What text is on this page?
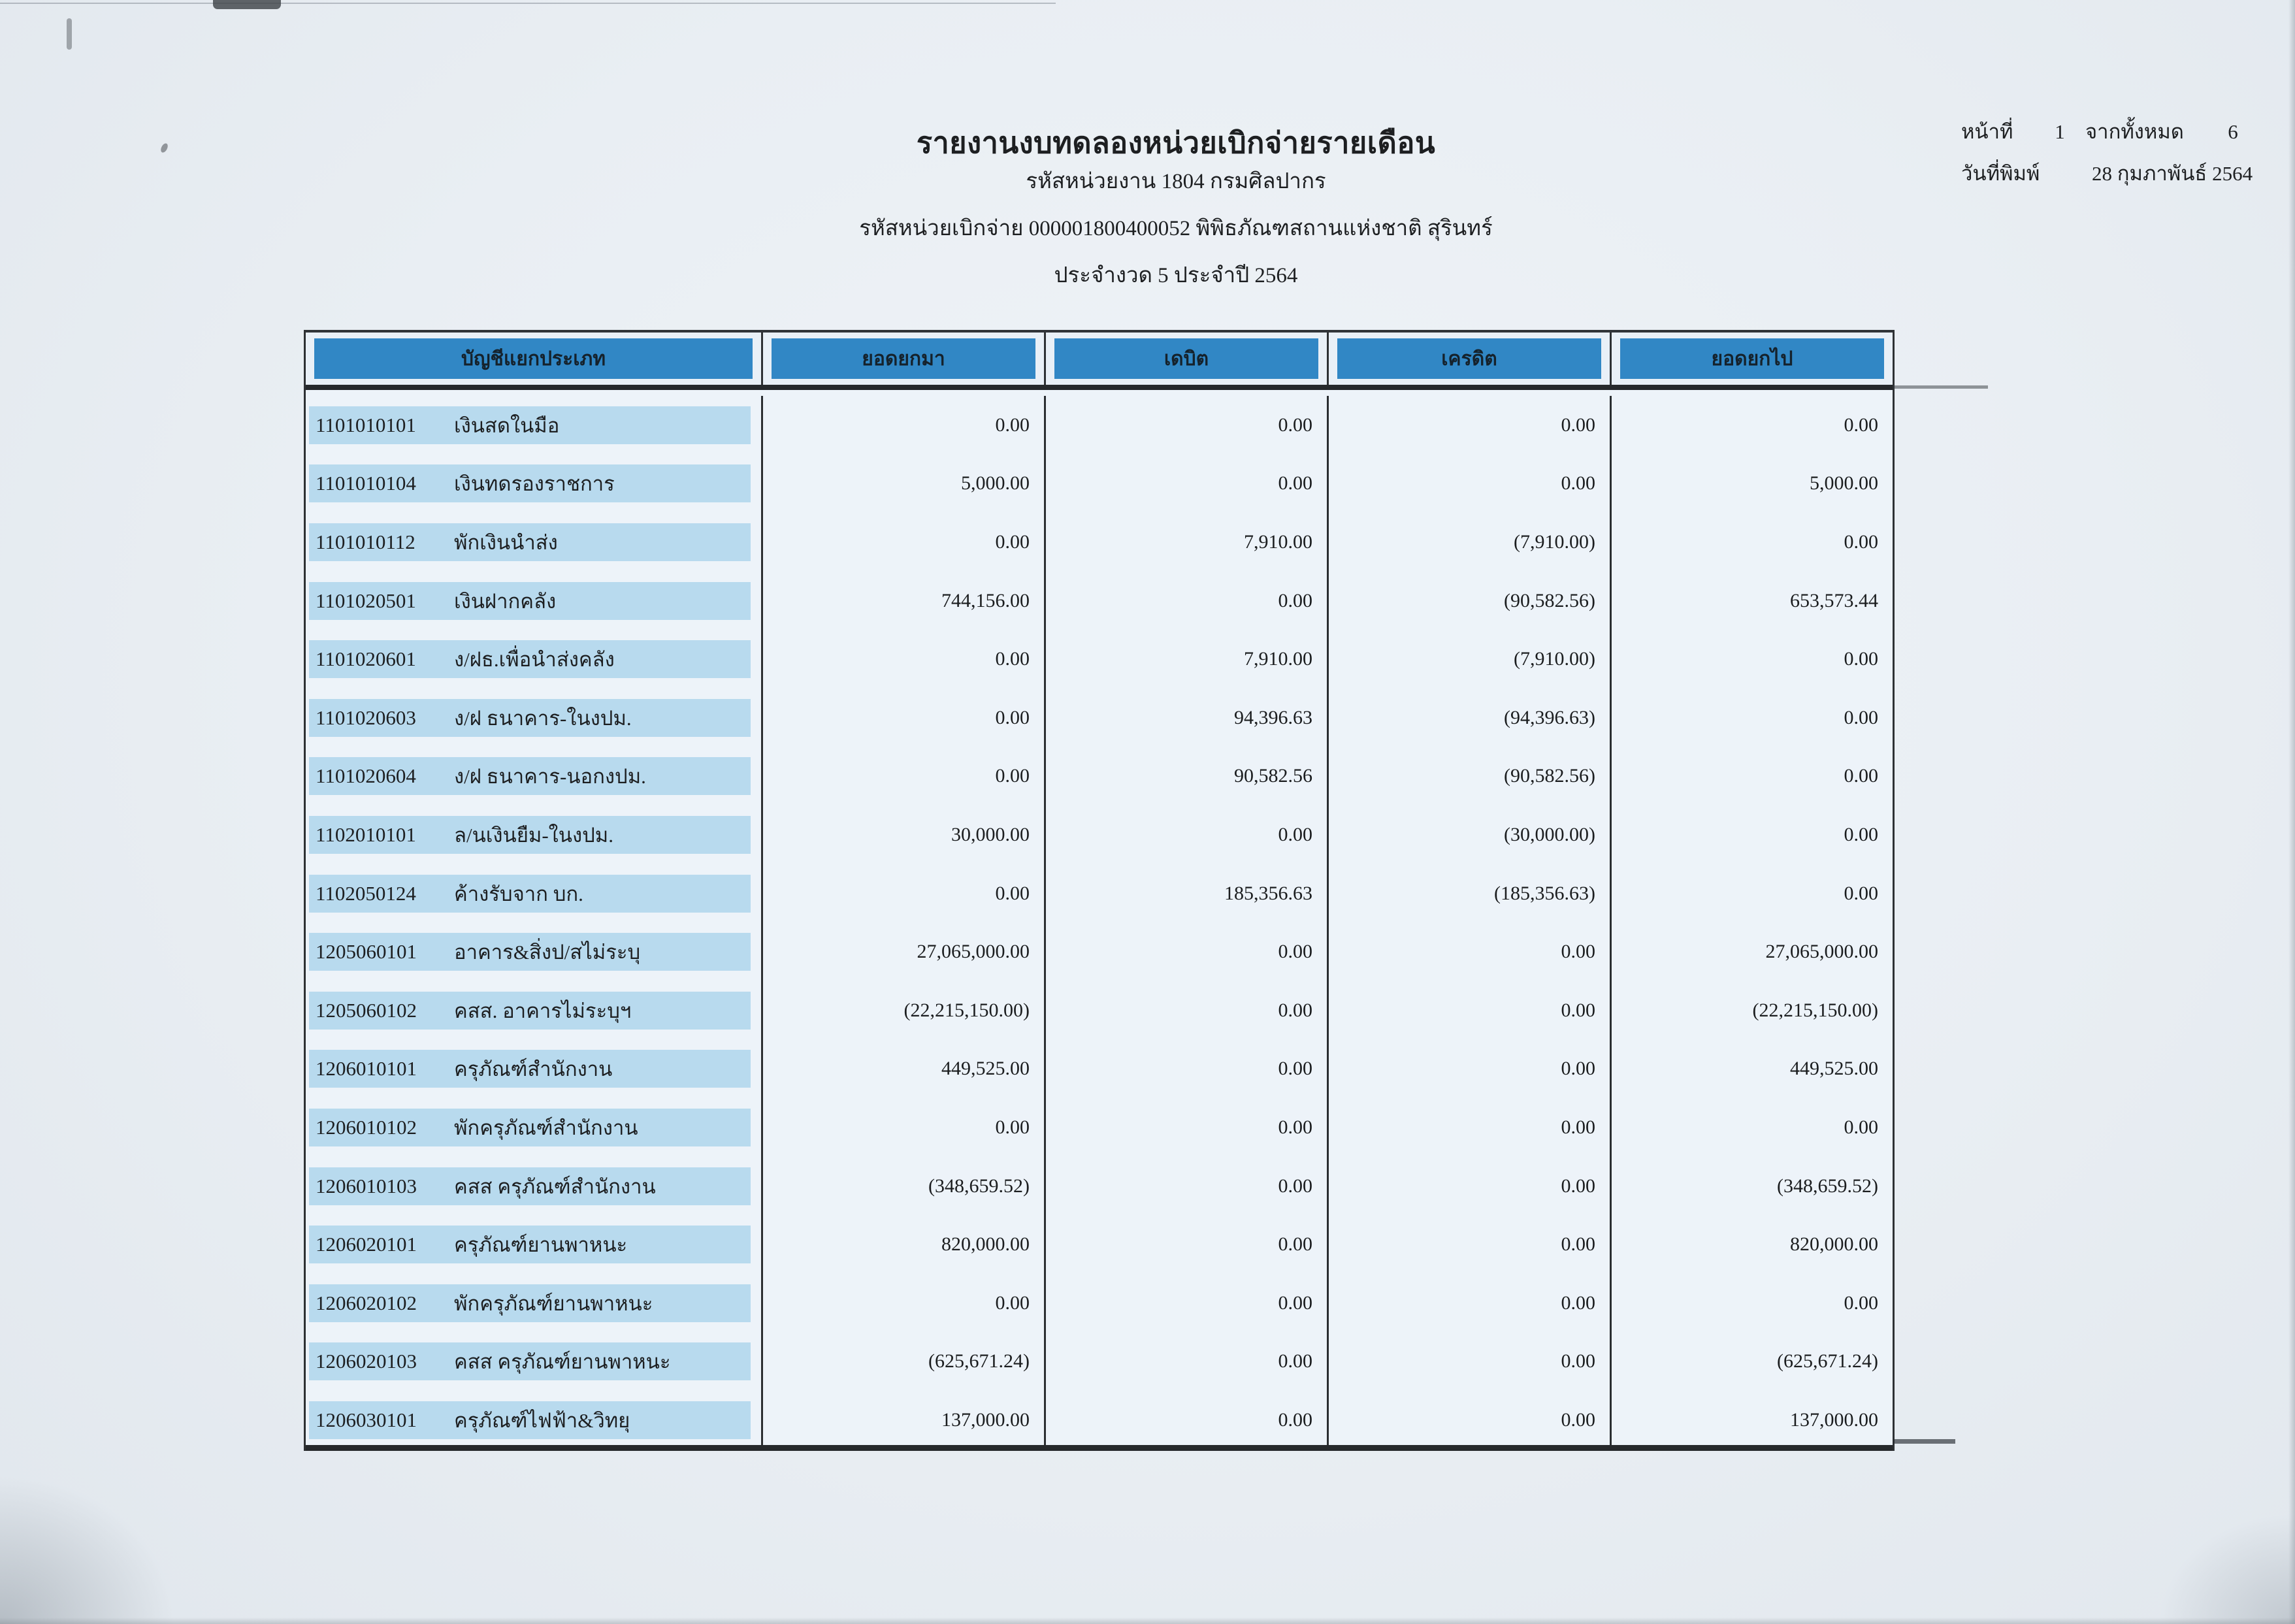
รายงานงบทดลองหน่วยเบิกจ่ายรายเดือน
รหัสหน่วยงาน 1804 กรมศิลปากร
รหัสหน่วยเบิกจ่าย 000001800400052 พิพิธภัณฑสถานแห่งชาติ สุรินทร์
ประจำงวด 5 ประจำปี 2564
หน้าที่	1	จากทั้งหมด	6
วันที่พิมพ์	28 กุมภาพันธ์ 2564
บัญชีแยกประเภท	ยอดยกมา	เดบิต	เครดิต	ยอดยกไป
1101010101	เงินสดในมือ	0.00	0.00	0.00	0.00
1101010104	เงินทดรองราชการ	5,000.00	0.00	0.00	5,000.00
1101010112	พักเงินนำส่ง	0.00	7,910.00	(7,910.00)	0.00
1101020501	เงินฝากคลัง	744,156.00	0.00	(90,582.56)	653,573.44
1101020601	ง/ฝธ.เพื่อนำส่งคลัง	0.00	7,910.00	(7,910.00)	0.00
1101020603	ง/ฝ ธนาคาร-ในงปม.	0.00	94,396.63	(94,396.63)	0.00
1101020604	ง/ฝ ธนาคาร-นอกงปม.	0.00	90,582.56	(90,582.56)	0.00
1102010101	ล/นเงินยืม-ในงปม.	30,000.00	0.00	(30,000.00)	0.00
1102050124	ค้างรับจาก บก.	0.00	185,356.63	(185,356.63)	0.00
1205060101	อาคาร&สิ่งป/สไม่ระบุ	27,065,000.00	0.00	0.00	27,065,000.00
1205060102	คสส. อาคารไม่ระบุฯ	(22,215,150.00)	0.00	0.00	(22,215,150.00)
1206010101	ครุภัณฑ์สำนักงาน	449,525.00	0.00	0.00	449,525.00
1206010102	พักครุภัณฑ์สำนักงาน	0.00	0.00	0.00	0.00
1206010103	คสส ครุภัณฑ์สำนักงาน	(348,659.52)	0.00	0.00	(348,659.52)
1206020101	ครุภัณฑ์ยานพาหนะ	820,000.00	0.00	0.00	820,000.00
1206020102	พักครุภัณฑ์ยานพาหนะ	0.00	0.00	0.00	0.00
1206020103	คสส ครุภัณฑ์ยานพาหนะ	(625,671.24)	0.00	0.00	(625,671.24)
1206030101	ครุภัณฑ์ไฟฟ้า&วิทยุ	137,000.00	0.00	0.00	137,000.00
